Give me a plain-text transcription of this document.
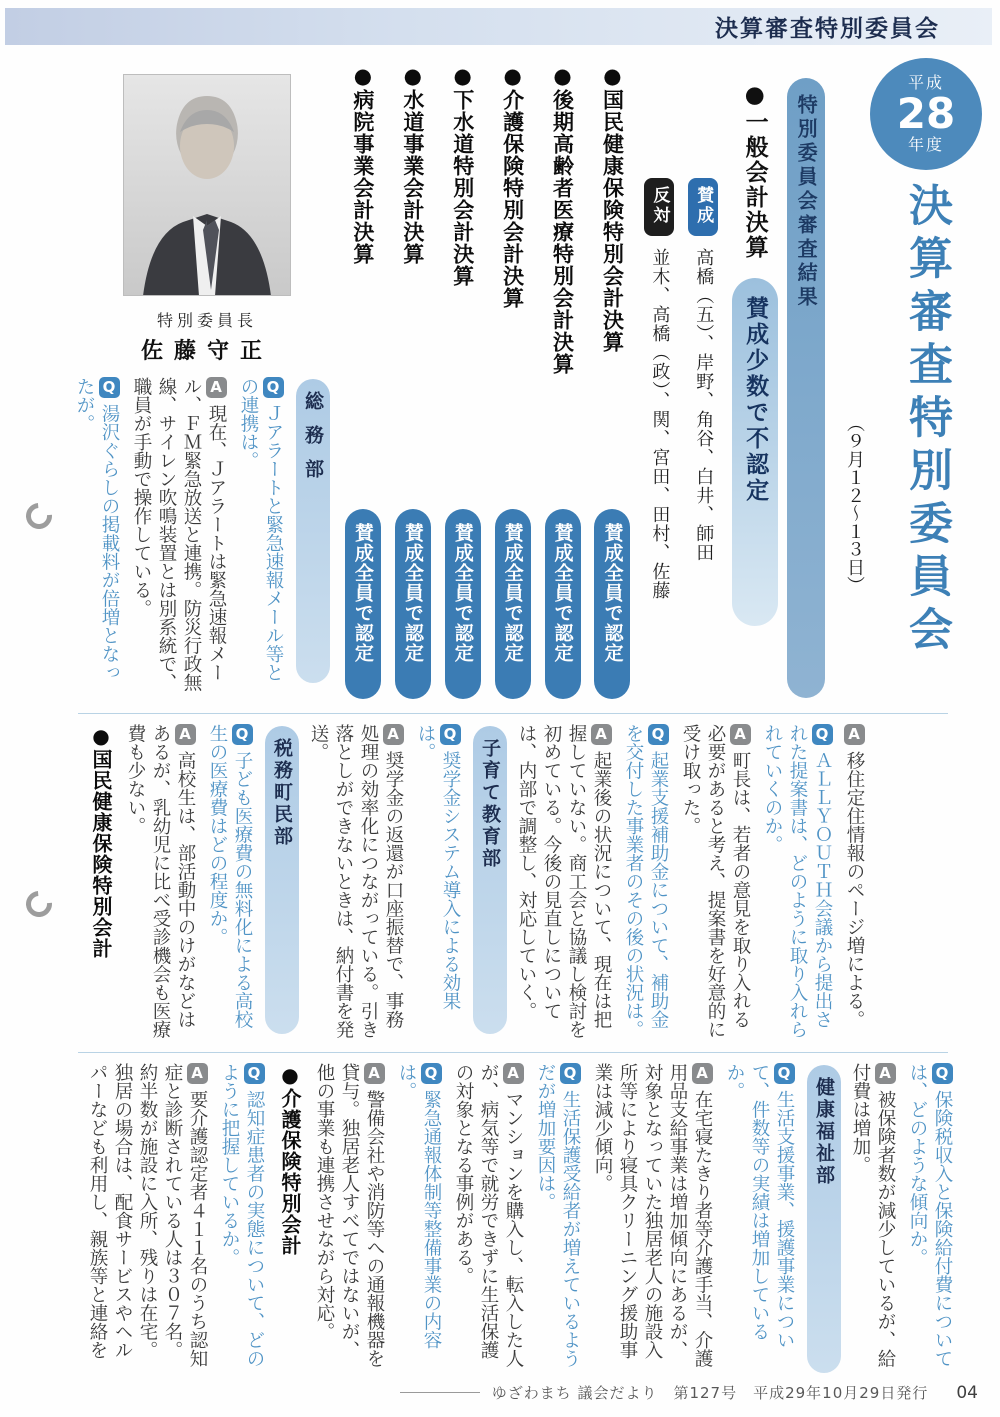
決算審査特別委員会
平成
28
年度
決算審査特別委員会
（９月１２〜１３日）
特別委員会審査結果
●一般会計決算
賛成少数で不認定
賛成
高橋（五）、岸野、角谷、白井、師田
反対
並木、高橋（政）、関、宮田、田村、佐藤
●国民健康保険特別会計決算
賛成全員で認定
●後期高齢者医療特別会計決算
賛成全員で認定
●介護保険特別会計決算
賛成全員で認定
●下水道特別会計決算
賛成全員で認定
●水道事業会計決算
賛成全員で認定
●病院事業会計決算
賛成全員で認定
特別委員長
佐藤守正
総務部

QＪアラートと緊急速報メール等との連携は。

A現在、Ｊアラートは緊急速報メール、ＦＭ緊急放送と連携。防災行政無線、サイレン吹鳴装置とは別系統で、職員が手動で操作している。

Q湯沢ぐらしの掲載料が倍増となったが。

A移住定住情報のページ増による。

QＡＬＬＹＯＵＴＨ会議から提出された提案書は、どのように取り入れられていくのか。

A町長は、若者の意見を取り入れる必要があると考え、提案書を好意的に受け取った。

Q起業支援補助金について、補助金を交付した事業者のその後の状況は。

A起業後の状況について、現在は把握していない。商工会と協議し検討を初めている。今後の見直しについては、内部で調整し、対応していく。

子育て教育部

Q奨学金システム導入による効果は。

A奨学金の返還が口座振替で、事務処理の効率化につながっている。引き落としができないときは、納付書を発送。

税務町民部

Q子ども医療費の無料化による高校生の医療費はどの程度か。

A高校生は、部活動中のけがなどはあるが、乳幼児に比べ受診機会も医療費も少ない。

●国民健康保険特別会計

Q保険税収入と保険給付費については、どのような傾向か。

A被保険者数が減少しているが、給付費は増加。

健康福祉部

Q生活支援事業、援護事業について、件数等の実績は増加しているか。

A在宅寝たきり者等介護手当、介護用品支給事業は増加傾向にあるが、対象となっていた独居老人の施設入所等により寝具クリーニング援助事業は減少傾向。

Q生活保護受給者が増えているようだが増加要因は。

Aマンションを購入し、転入した人が、病気等で就労できずに生活保護の対象となる事例がある。

Q緊急通報体制等整備事業の内容は。

A警備会社や消防等への通報機器を貸与。独居老人すべてではないが、他の事業も連携させながら対応。

●介護保険特別会計

Q認知症患者の実態について、どのように把握しているか。

A要介護認定者４１１名のうち認知症と診断されている人は３０７名。約半数が施設に入所、残りは在宅。独居の場合は、配食サービスやヘルパーなども利用し、親族等と連絡を

ゆざわまち 議会だより　第127号　平成29年10月29日発行 04
